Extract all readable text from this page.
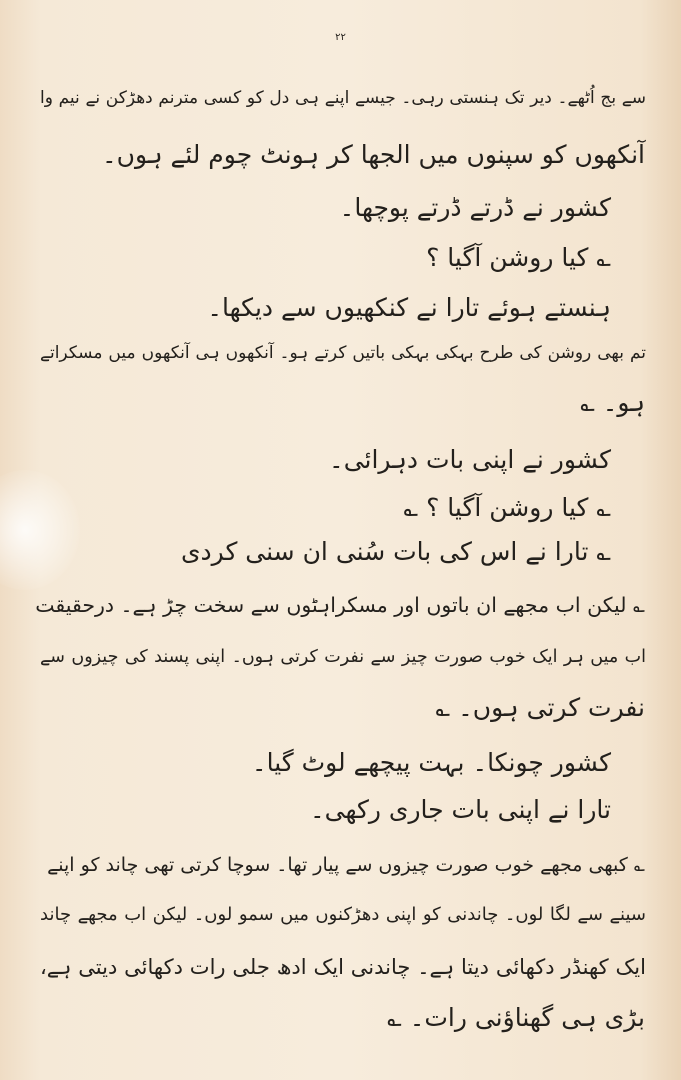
۲۲
سے بج اُٹھے۔ دیر تک ہنستی رہی۔ جیسے اپنے ہی دل کو کسی مترنم دھڑکن نے نیم وا
آنکھوں کو سپنوں میں الجھا کر ہونٹ چوم لئے ہوں۔
کشور نے ڈرتے ڈرتے پوچھا۔
؎ کیا روشن آگیا ؟
ہنستے ہوئے تارا نے کنکھیوں سے دیکھا۔
تم بھی روشن کی طرح بہکی بہکی باتیں کرتے ہو۔ آنکھوں ہی آنکھوں میں مسکراتے
ہو۔ ؎
کشور نے اپنی بات دہرائی۔
؎ کیا روشن آگیا ؟ ؎
؎ تارا نے اس کی بات سُنی ان سنی کردی
؎ لیکن اب مجھے ان باتوں اور مسکراہٹوں سے سخت چڑ ہے۔ درحقیقت
اب میں ہر ایک خوب صورت چیز سے نفرت کرتی ہوں۔ اپنی پسند کی چیزوں سے
نفرت کرتی ہوں۔ ؎
کشور چونکا۔ بہت پیچھے لوٹ گیا۔
تارا نے اپنی بات جاری رکھی۔
؎ کبھی مجھے خوب صورت چیزوں سے پیار تھا۔ سوچا کرتی تھی چاند کو اپنے
سینے سے لگا لوں۔ چاندنی کو اپنی دھڑکنوں میں سمو لوں۔ لیکن اب مجھے چاند
ایک کھنڈر دکھائی دیتا ہے۔ چاندنی ایک ادھ جلی رات دکھائی دیتی ہے،
بڑی ہی گھناؤنی رات۔ ؎
